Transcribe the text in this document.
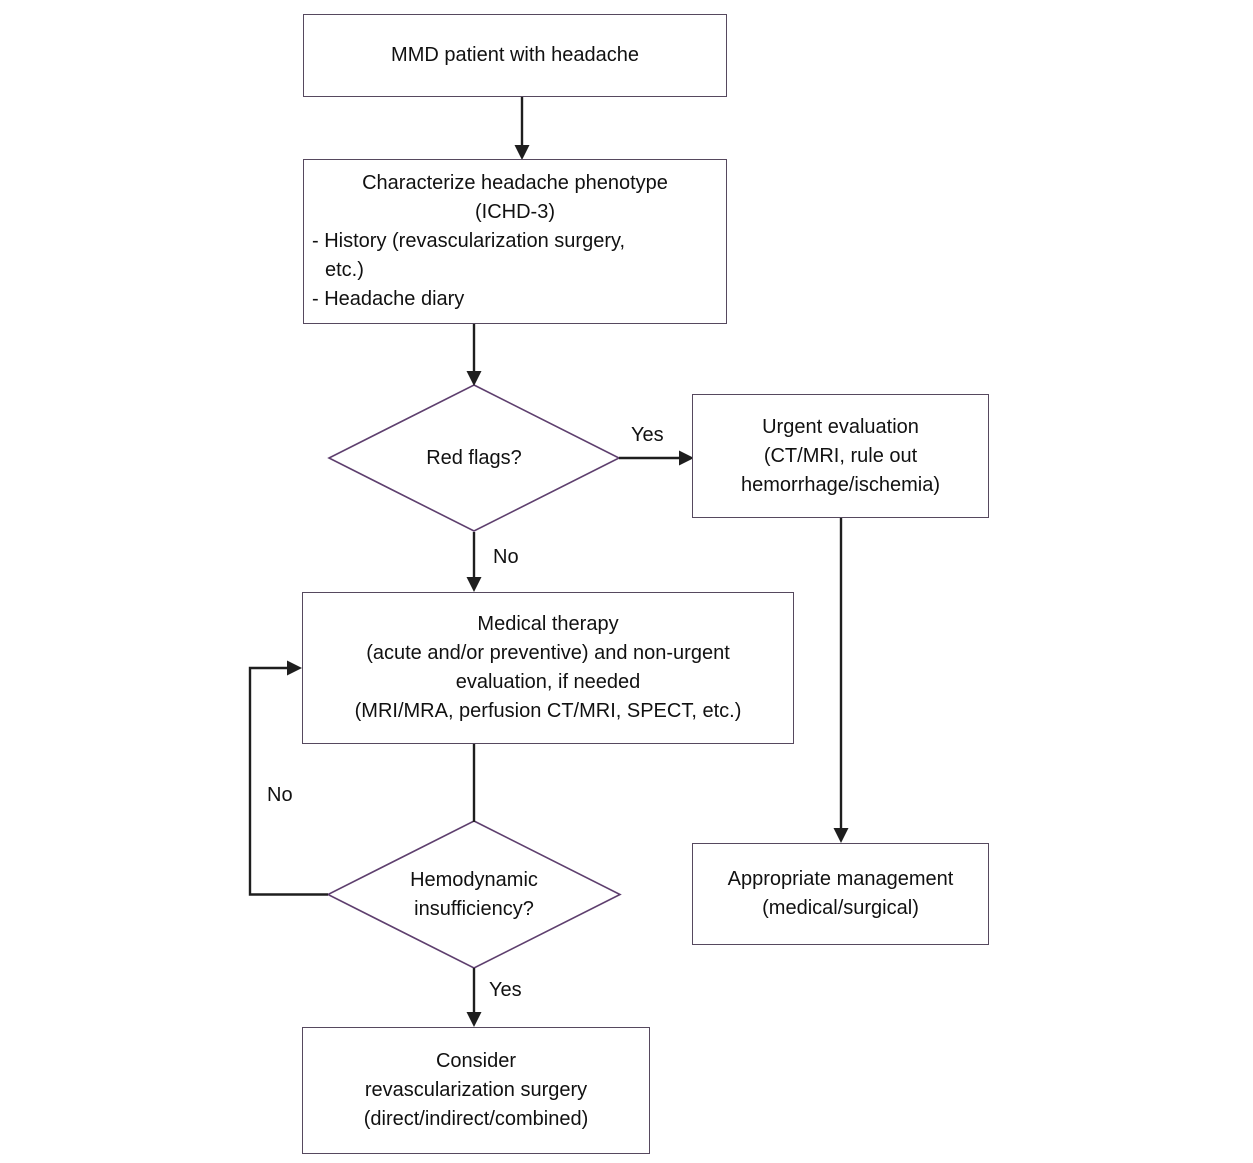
MMD patient with headache
Characterize headache phenotype
(ICHD-3)
- History (revascularization surgery,
etc.)
- Headache diary
Urgent evaluation
(CT/MRI, rule out
hemorrhage/ischemia)
Medical therapy
(acute and/or preventive) and non-urgent
evaluation, if needed
(MRI/MRA, perfusion CT/MRI, SPECT, etc.)
Appropriate management
(medical/surgical)
Consider
revascularization surgery
(direct/indirect/combined)
Red flags?
Hemodynamic
insufficiency?
Yes
No
No
Yes
